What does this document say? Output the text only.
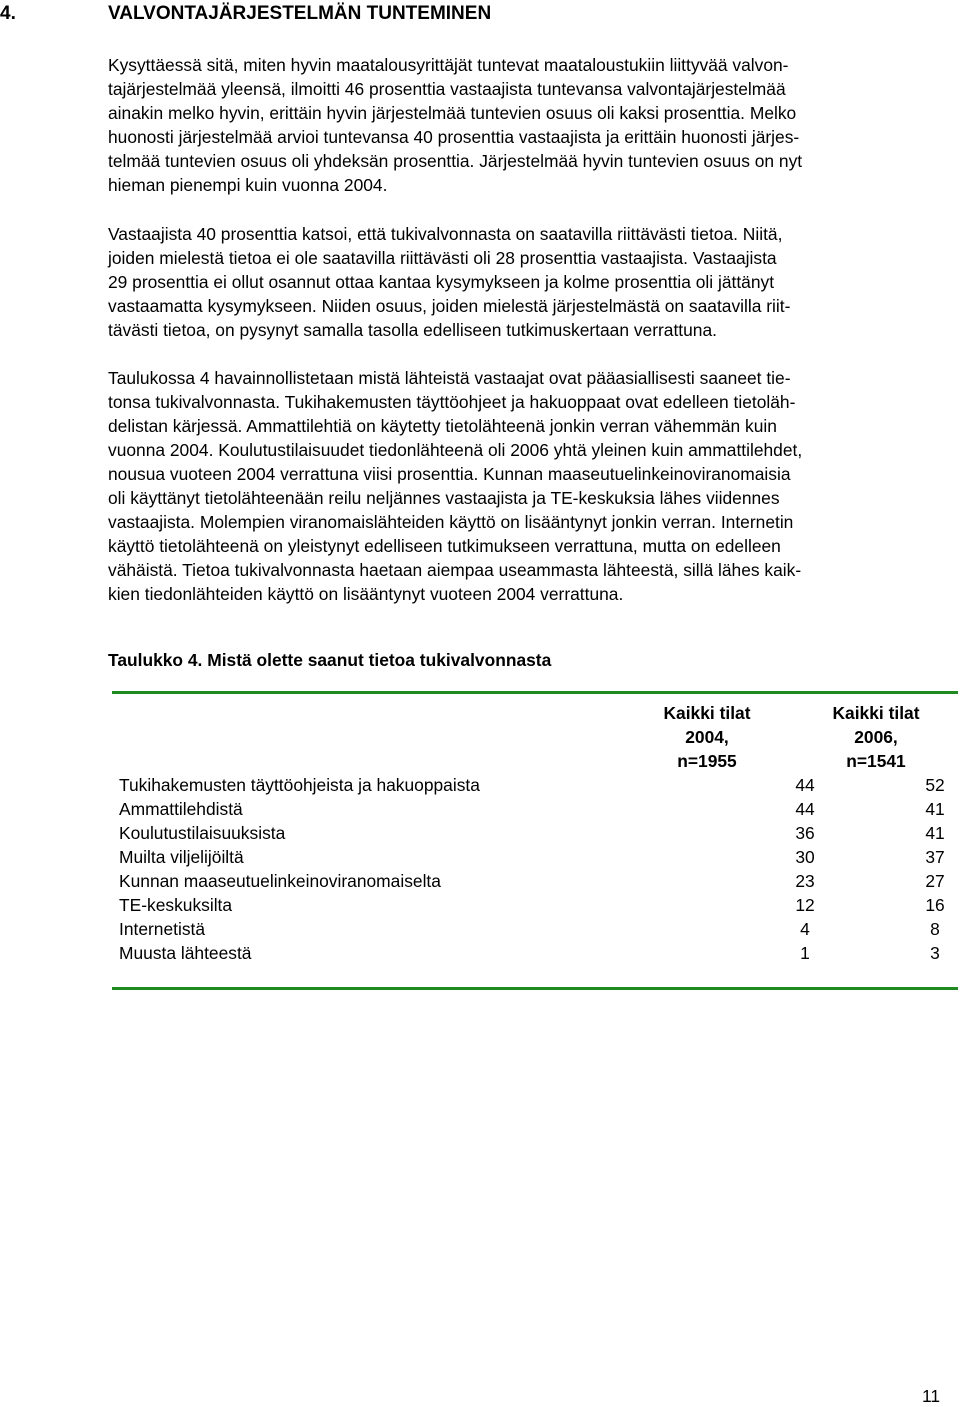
4.	VALVONTAJÄRJESTELMÄN TUNTEMINEN
Kysyttäessä sitä, miten hyvin maatalousyrittäjät tuntevat maataloustukiin liittyvää valvon-
tajärjestelmää yleensä, ilmoitti 46 prosenttia vastaajista tuntevansa valvontajärjestelmää
ainakin melko hyvin, erittäin hyvin järjestelmää tuntevien osuus oli kaksi prosenttia. Melko
huonosti järjestelmää arvioi tuntevansa 40 prosenttia vastaajista ja erittäin huonosti järjes-
telmää tuntevien osuus oli yhdeksän prosenttia. Järjestelmää hyvin tuntevien osuus on nyt
hieman pienempi kuin vuonna 2004.
Vastaajista 40 prosenttia katsoi, että tukivalvonnasta on saatavilla riittävästi tietoa. Niitä,
joiden mielestä tietoa ei ole saatavilla riittävästi oli 28 prosenttia vastaajista. Vastaajista
29 prosenttia ei ollut osannut ottaa kantaa kysymykseen ja kolme prosenttia oli jättänyt
vastaamatta kysymykseen. Niiden osuus, joiden mielestä järjestelmästä on saatavilla riit-
tävästi tietoa, on pysynyt samalla tasolla edelliseen tutkimuskertaan verrattuna.
Taulukossa 4 havainnollistetaan mistä lähteistä vastaajat ovat pääasiallisesti saaneet tie-
tonsa tukivalvonnasta. Tukihakemusten täyttöohjeet ja hakuoppaat ovat edelleen tietoläh-
delistan kärjessä. Ammattilehtiä on käytetty tietolähteenä jonkin verran vähemmän kuin
vuonna 2004. Koulutustilaisuudet tiedonlähteenä oli 2006 yhtä yleinen kuin ammattilehdet,
nousua vuoteen 2004 verrattuna viisi prosenttia. Kunnan maaseutuelinkeinoviranomaisia
oli käyttänyt tietolähteenään reilu neljännes vastaajista ja TE-keskuksia lähes viidennes
vastaajista. Molempien viranomaislähteiden käyttö on lisääntynyt jonkin verran. Internetin
käyttö tietolähteenä on yleistynyt edelliseen tutkimukseen verrattuna, mutta on edelleen
vähäistä. Tietoa tukivalvonnasta haetaan aiempaa useammasta lähteestä, sillä lähes kaik-
kien tiedonlähteiden käyttö on lisääntynyt vuoteen 2004 verrattuna.
Taulukko 4. Mistä olette saanut tietoa tukivalvonnasta
Kaikki tilat
2004,
n=1955
Kaikki tilat
2006,
n=1541
Tukihakemusten täyttöohjeista ja hakuoppaista	44	52
Ammattilehdistä	44	41
Koulutustilaisuuksista	36	41
Muilta viljelijöiltä	30	37
Kunnan maaseutuelinkeinoviranomaiselta	23	27
TE-keskuksilta	12	16
Internetistä	4	8
Muusta lähteestä	1	3
11
